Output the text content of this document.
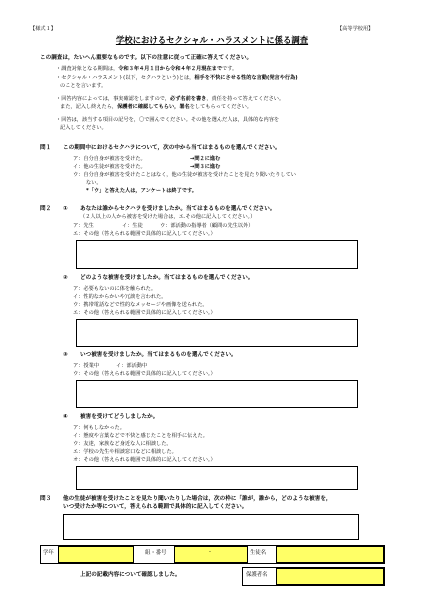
【様式１】	【高等学校用】
学校におけるセクシャル・ハラスメントに係る調査
この調査は，たいへん重要なものです。以下の注意に従って正確に答えてください。
・調査対象となる期間は，令和３年４月１日から令和４年２月現在までです。
・セクシャル・ハラスメント(以下，セクハラという)とは，相手を不快にさせる性的な言動(発言や行為)
のことを言います。
・回答内容によっては，事実確認をしますので，必ず名前を書き，責任を持って答えてください。
また，記入し終えたら，保護者に確認してもらい，署名をしてもらってください。
・回答は，該当する項目の記号を，〇で囲んでください。その他を選んだ人は，具体的な内容を
記入してください。
問１ この期間中におけるセクハラについて，次の中から当てはまるものを選んでください。
ア：自分自身が被害を受けた。	→問２に進む
イ：他の生徒が被害を受けた。	→問３に進む
ウ：自分自身が被害を受けたことはなく，他の生徒が被害を受けたことを見たり聞いたりしてい
ない。
*「ウ」と答えた人は，アンケートは終了です。
問２ ① あなたは誰からセクハラを受けましたか。当てはまるものを選んでください。
（２人以上の人から被害を受けた場合は，エ.その他に記入してください。）
ア：先生	イ：生徒	ウ：部活動の指導者（顧問の先生以外）
エ：その他（答えられる範囲で具体的に記入してください。）
② どのような被害を受けましたか。当てはまるものを選んでください。
ア：必要もないのに体を触られた。
イ：性的なからかいや冗談を言われた。
ウ：携帯電話などで性的なメッセージや画像を送られた。
エ：その他（答えられる範囲で具体的に記入してください。）
③ いつ被害を受けましたか。当てはまるものを選んでください。
ア：授業中	イ：部活動中
ウ：その他（答えられる範囲で具体的に記入してください。）
④ 被害を受けてどうしましたか。
ア：何もしなかった。
イ：態度や言葉などで不快と感じたことを相手に伝えた。
ウ：友達，家族など身近な人に相談した。
エ：学校の先生や相談窓口などに相談した。
オ：その他（答えられる範囲で具体的に記入してください。）
問３ 他の生徒が被害を受けたことを見たり聞いたりした場合は，次の枠に「誰が，誰から，どのような被害を，
いつ受けたか等について，答えられる範囲で具体的に記入してください。
学年	組・番号	-	生徒名
上記の記載内容について確認しました。	保護者名
